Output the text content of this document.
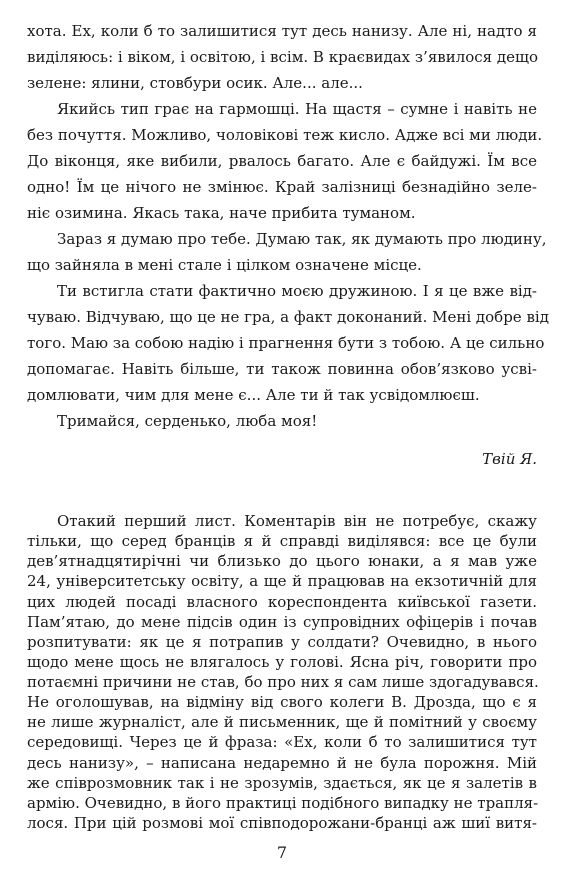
хота. Ех, коли б то залишитися тут десь нанизу. Але ні, надто я
виділяюсь: і віком, і освітою, і всім. В краєвидах з’явилося дещо
зелене: ялини, стовбури осик. Але... але...
Якийсь тип грає на гармошці. На щастя – сумне і навіть не
без почуття. Можливо, чоловікові теж кисло. Адже всі ми люди.
До віконця, яке вибили, рвалось багато. Але є байдужі. Їм все
одно! Їм це нічого не змінює. Край залізниці безнадійно зеле-
ніє озимина. Якась така, наче прибита туманом.
Зараз я думаю про тебе. Думаю так, як думають про людину,
що зайняла в мені стале і цілком означене місце.
Ти встигла стати фактично моєю дружиною. І я це вже від-
чуваю. Відчуваю, що це не гра, а факт доконаний. Мені добре від
того. Маю за собою надію і прагнення бути з тобою. А це сильно
допомагає. Навіть більше, ти також повинна обов’язково усві-
домлювати, чим для мене є... Але ти й так усвідомлюєш.
Тримайся, серденько, люба моя!
Твій Я.
Отакий перший лист. Коментарів він не потребує, скажу
тільки, що серед бранців я й справді виділявся: все це були
дев’ятнадцятирічні чи близько до цього юнаки, а я мав уже
24, університетську освіту, а ще й працював на екзотичній для
цих людей посаді власного кореспондента київської газети.
Пам’ятаю, до мене підсів один із супровідних офіцерів і почав
розпитувати: як це я потрапив у солдати? Очевидно, в нього
щодо мене щось не влягалось у голові. Ясна річ, говорити про
потаємні причини не став, бо про них я сам лише здогадувався.
Не оголошував, на відміну від свого колеги В. Дрозда, що є я
не лише журналіст, але й письменник, ще й помітний у своєму
середовищі. Через це й фраза: «Ех, коли б то залишитися тут
десь нанизу», – написана недаремно й не була порожня. Мій
же співрозмовник так і не зрозумів, здається, як це я залетів в
армію. Очевидно, в його практиці подібного випадку не трапля-
лося. При цій розмові мої співподорожани-бранці аж шиї витя-
7
